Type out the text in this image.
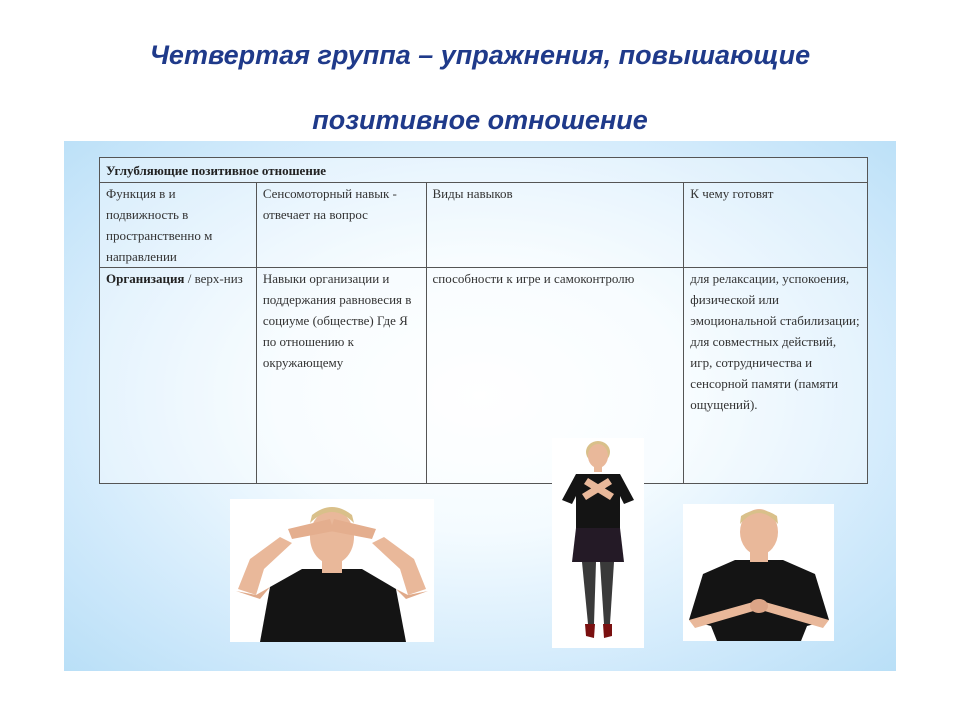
Четвертая группа – упражнения, повышающие
позитивное отношение
Углубляющие позитивное отношение			
Функция в и подвижность в пространственно м направлении	Сенсомоторный навык - отвечает на вопрос	Виды навыков	К чему готовят
Организация / верх-низ	Навыки организации и поддержания равновесия в социуме (обществе) Где Я по отношению к окружающему	способности к игре и самоконтролю	для релаксации, успокоения, физической или эмоциональной стабилизации; для совместных действий, игр, сотрудничества и сенсорной памяти (памяти ощущений).
